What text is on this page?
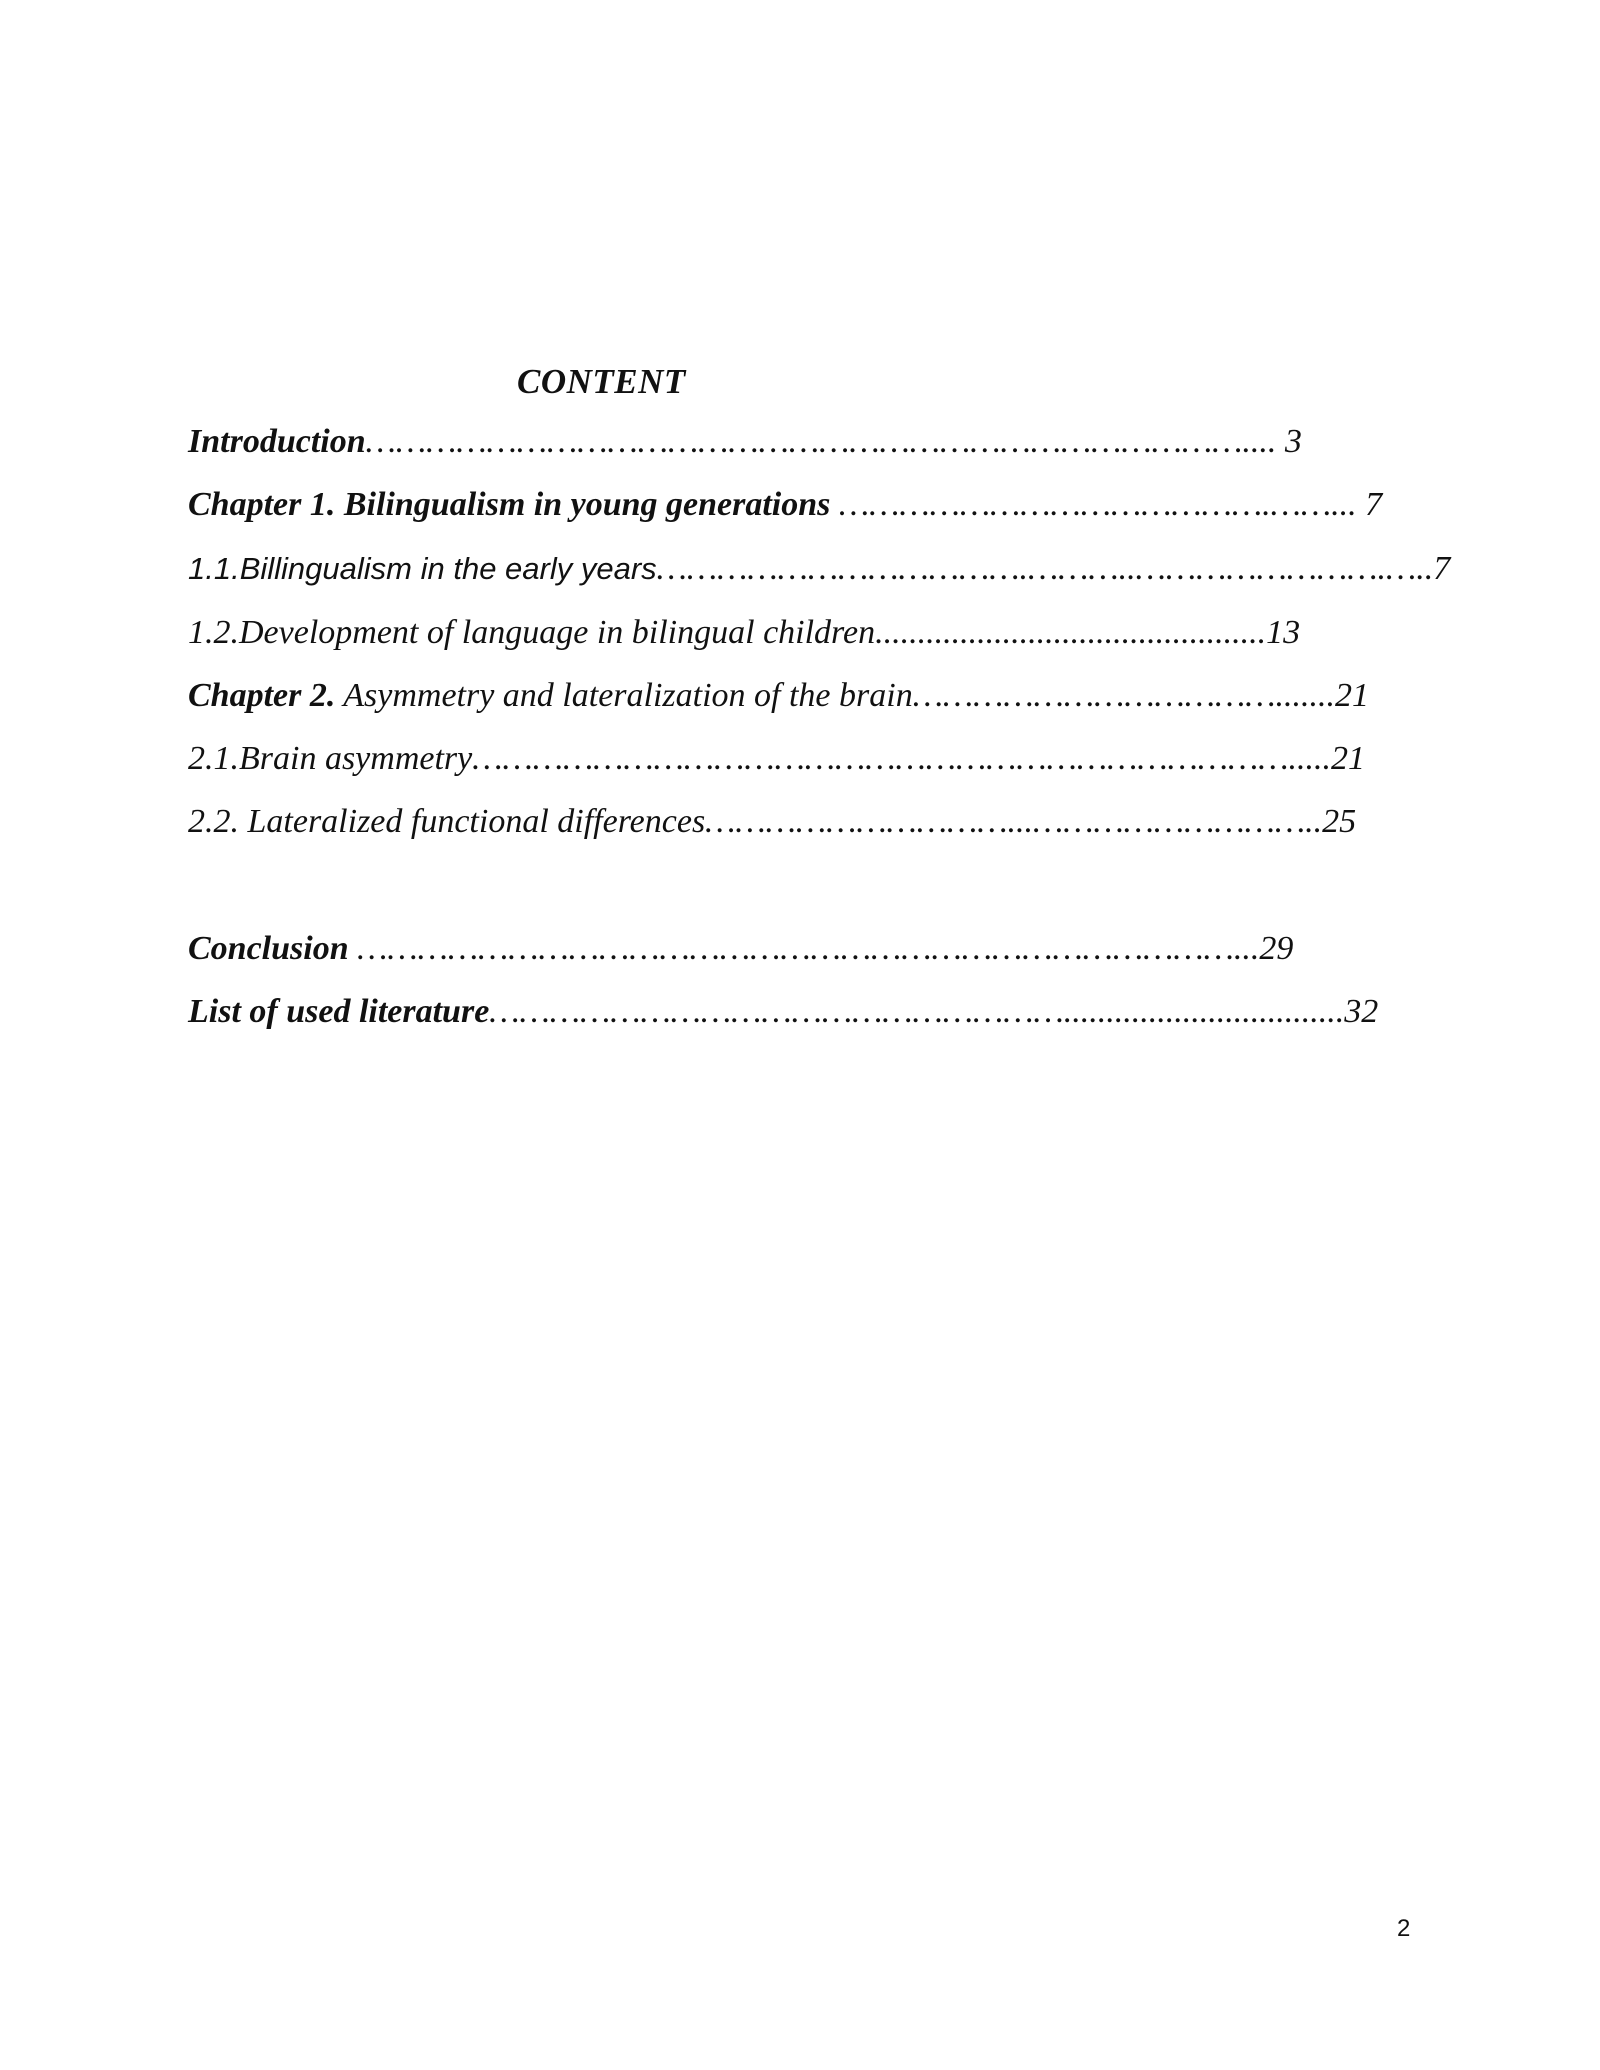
CONTENT
Introduction…………………………………………………………………………….... 3
Chapter 1. Bilingualism in young generations …………………………………….……... 7
1.1.Billingualism in the early years……………………………….………..…………………….…..7
1.2.Development of language in bilingual children..............................................13
Chapter 2. Asymmetry and lateralization of the brain……………………………….......21
2.1.Brain asymmetry……………………………………………………………………….....21
2.2. Lateralized functional differences…………………………...………………………..25
Conclusion ……………………………………………………………………………...29
List of used literature………………………………………………….................................32
2
